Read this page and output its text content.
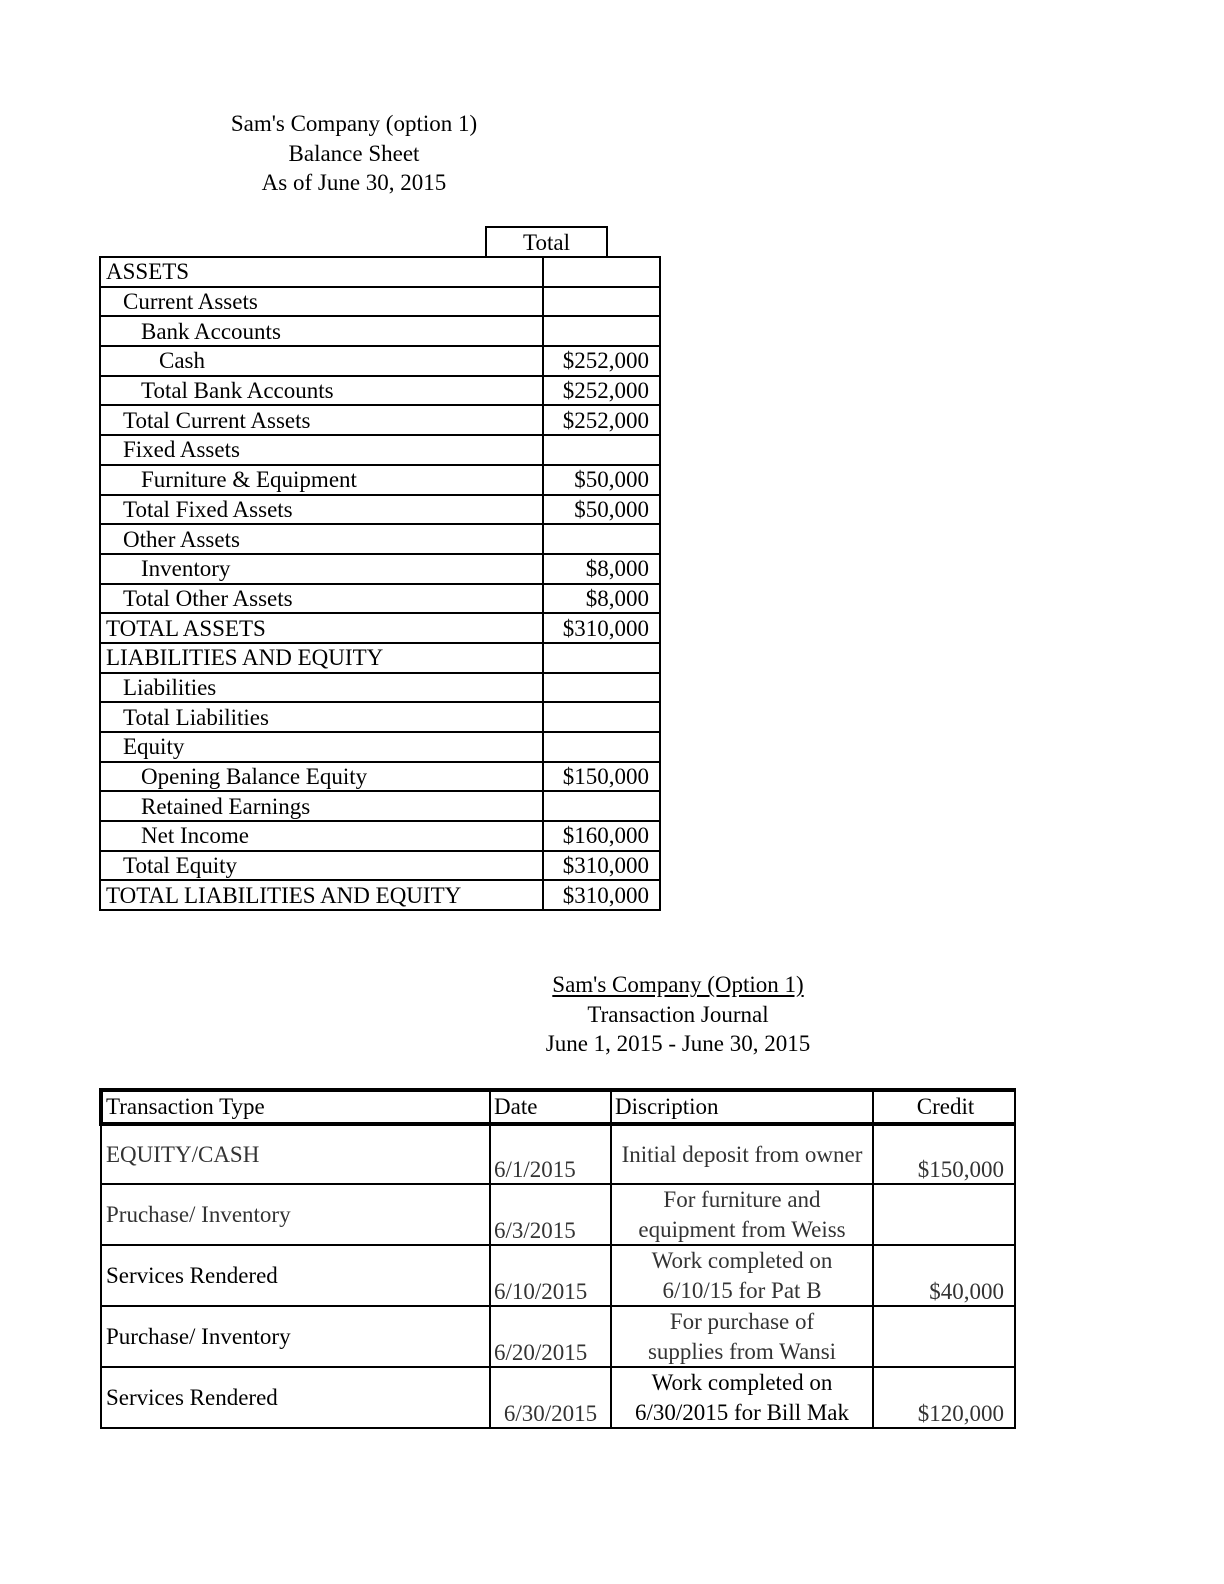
Sam's Company (option 1)
Balance Sheet
As of June 30, 2015
Total
ASSETS	
Current Assets	
Bank Accounts	
Cash	$252,000
Total Bank Accounts	$252,000
Total Current Assets	$252,000
Fixed Assets	
Furniture & Equipment	$50,000
Total Fixed Assets	$50,000
Other Assets	
Inventory	$8,000
Total Other Assets	$8,000
TOTAL ASSETS	$310,000
LIABILITIES AND EQUITY	
Liabilities	
Total Liabilities	
Equity	
Opening Balance Equity	$150,000
Retained Earnings	
Net Income	$160,000
Total Equity	$310,000
TOTAL LIABILITIES AND EQUITY	$310,000
Sam's Company (Option 1)
Transaction Journal
June 1, 2015 - June 30, 2015
Transaction Type	Date	Discription	Credit
EQUITY/CASH	6/1/2015	Initial deposit from owner	$150,000
Pruchase/ Inventory	6/3/2015	For furniture and
equipment from Weiss	

Services Rendered	6/10/2015	Work completed on
6/10/15 for Pat B	$40,000
Purchase/ Inventory	6/20/2015	For purchase of
supplies from Wansi	

Services Rendered	6/30/2015	Work completed on
6/30/2015 for Bill Mak	$120,000
